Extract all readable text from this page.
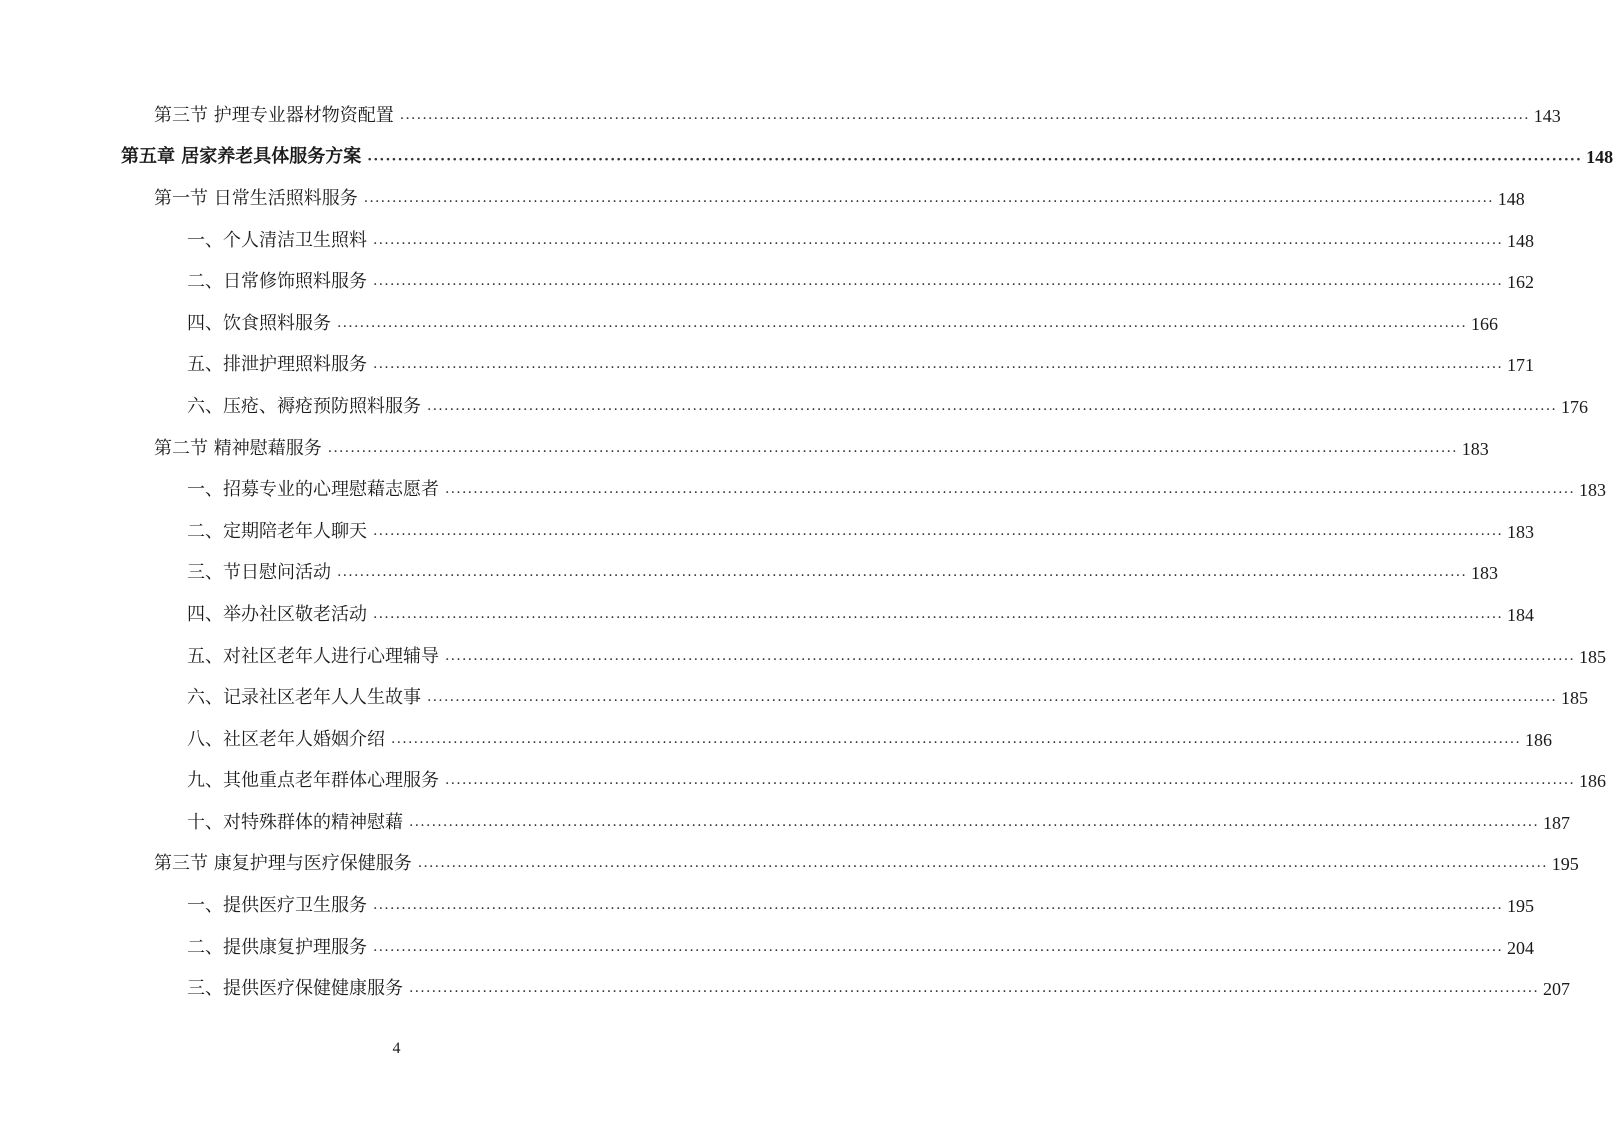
第三节 护理专业器材物资配置 ········································································································································································································ 143
第五章 居家养老具体服务方案 ········································································································································································································ 148
第一节 日常生活照料服务 ········································································································································································································ 148
一、个人清洁卫生照料 ········································································································································································································ 148
二、日常修饰照料服务 ········································································································································································································ 162
四、饮食照料服务 ········································································································································································································ 166
五、排泄护理照料服务 ········································································································································································································ 171
六、压疮、褥疮预防照料服务 ········································································································································································································ 176
第二节 精神慰藉服务 ········································································································································································································ 183
一、招募专业的心理慰藉志愿者 ········································································································································································································ 183
二、定期陪老年人聊天 ········································································································································································································ 183
三、节日慰问活动 ········································································································································································································ 183
四、举办社区敬老活动 ········································································································································································································ 184
五、对社区老年人进行心理辅导 ········································································································································································································ 185
六、记录社区老年人人生故事 ········································································································································································································ 185
八、社区老年人婚姻介绍 ········································································································································································································ 186
九、其他重点老年群体心理服务 ········································································································································································································ 186
十、对特殊群体的精神慰藉 ········································································································································································································ 187
第三节 康复护理与医疗保健服务 ········································································································································································································ 195
一、提供医疗卫生服务 ········································································································································································································ 195
二、提供康复护理服务 ········································································································································································································ 204
三、提供医疗保健健康服务 ········································································································································································································ 207
4
